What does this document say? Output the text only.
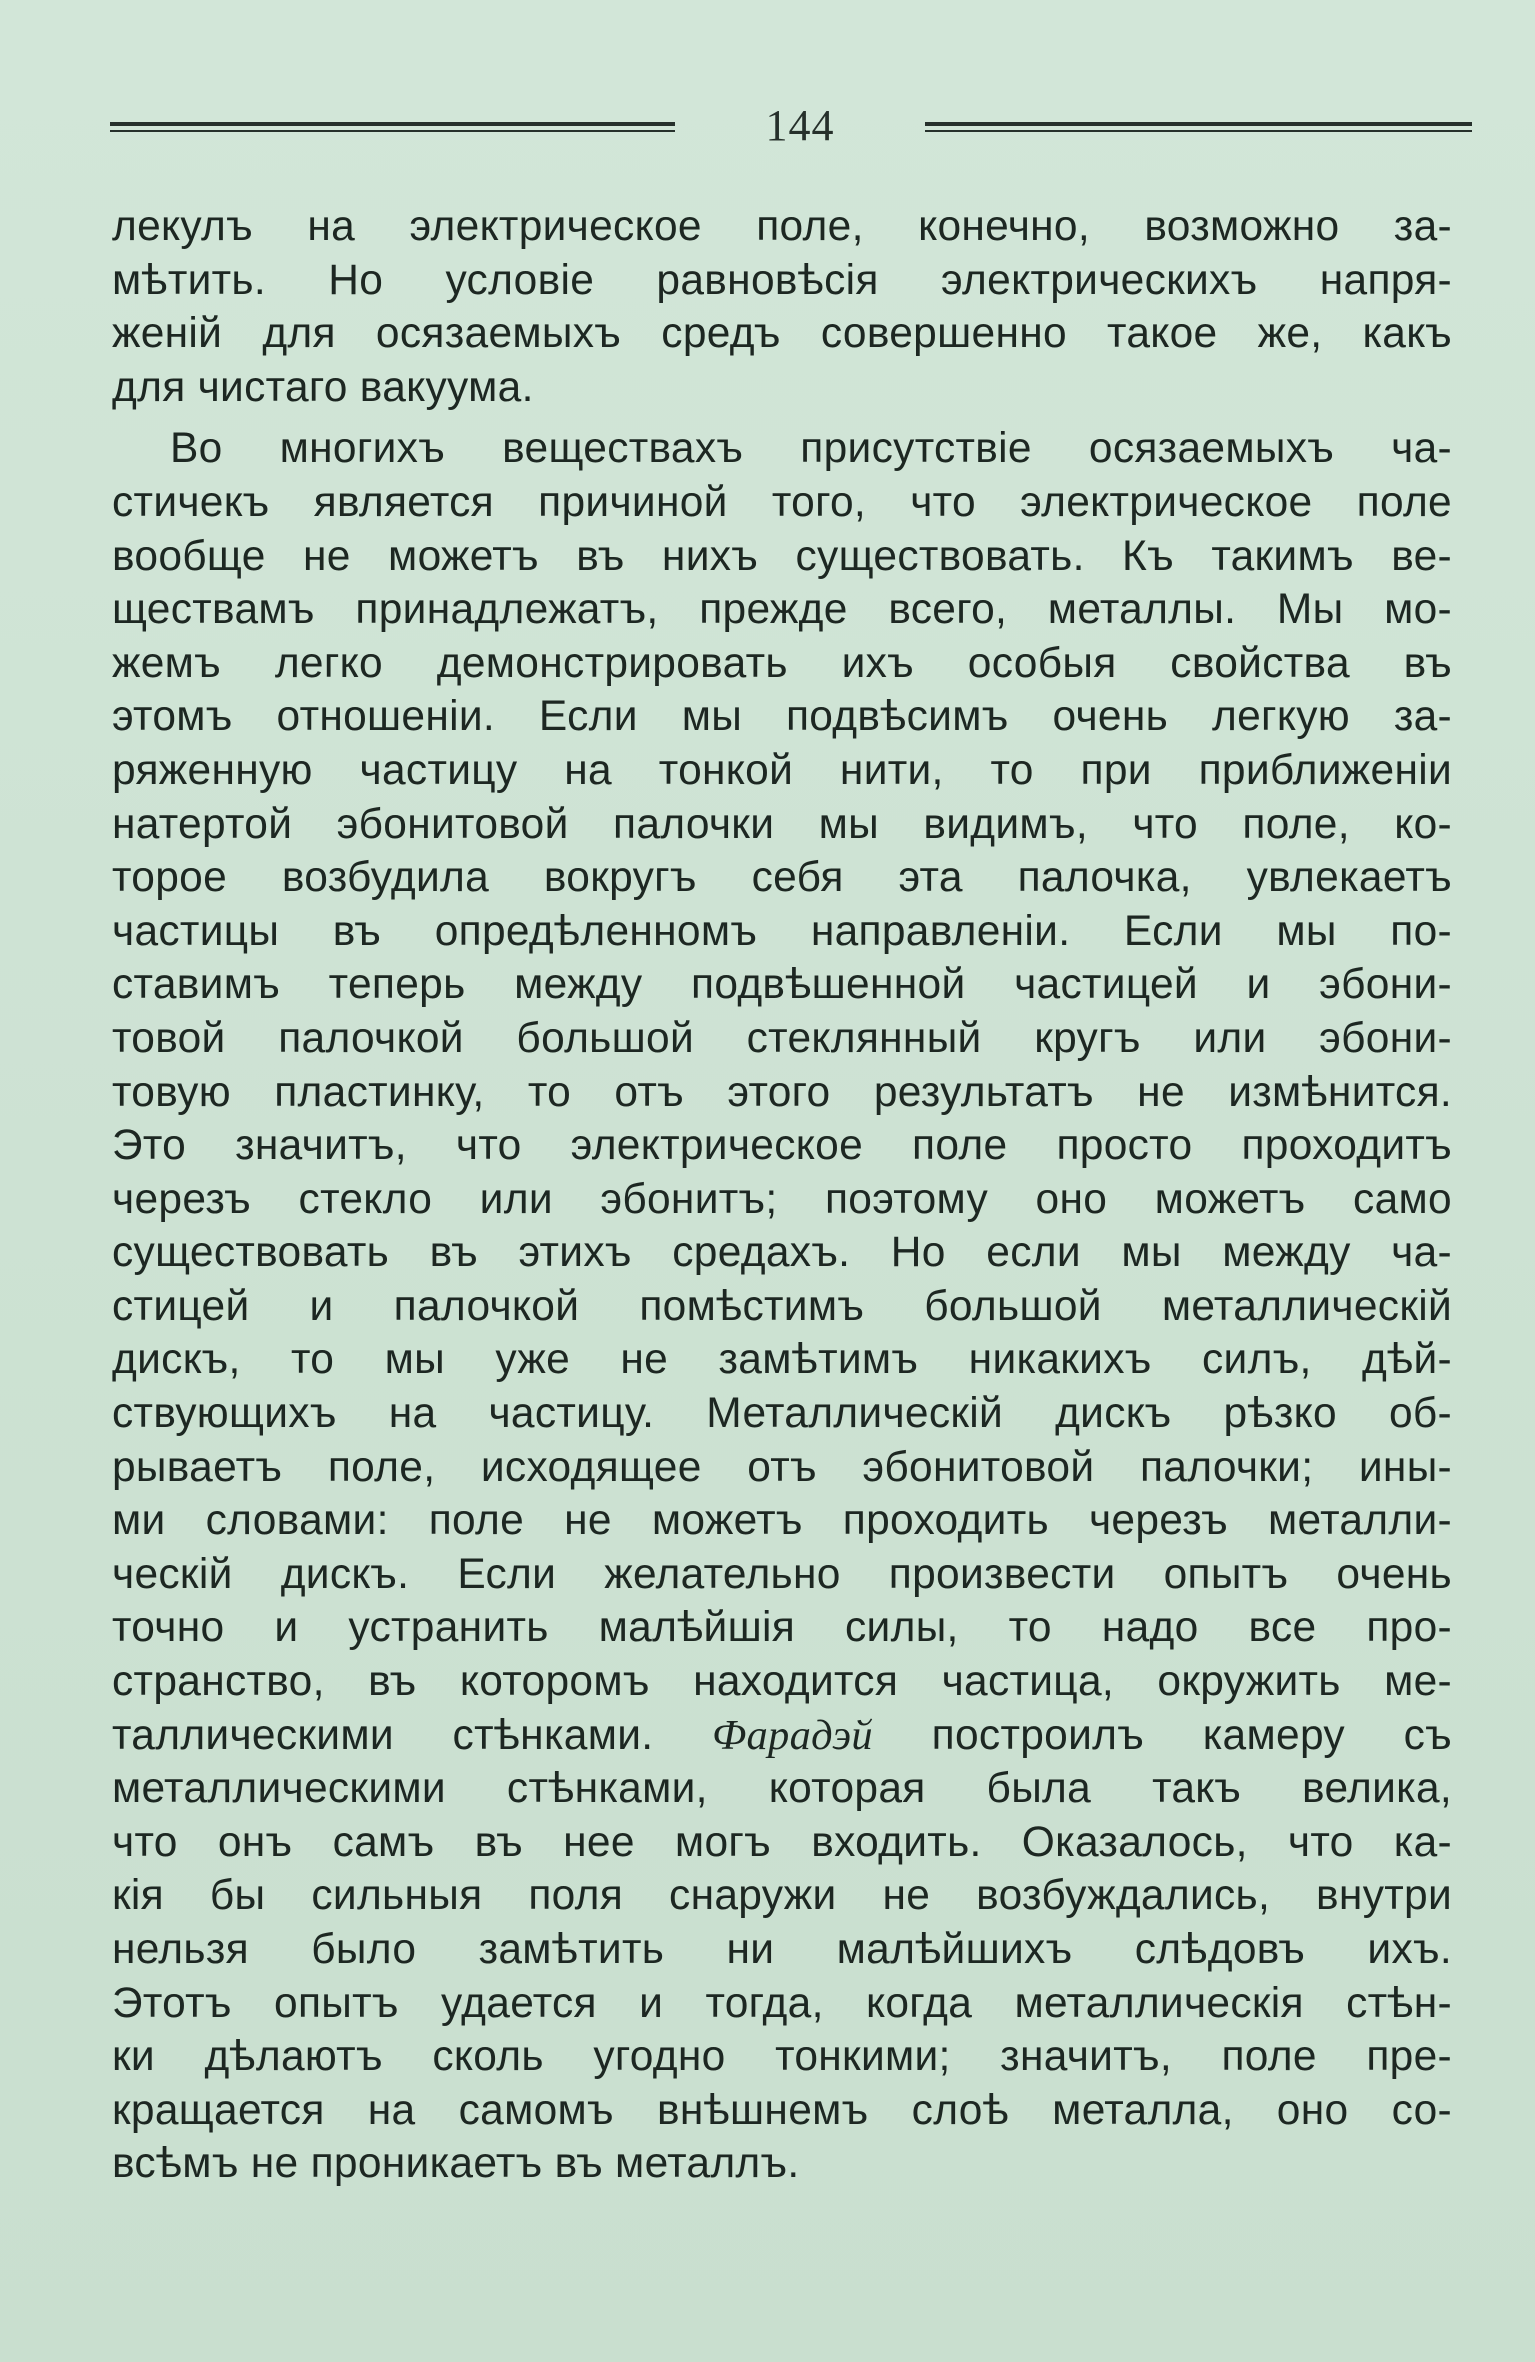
144
лекулъ на электрическое поле, конечно, возможно за-
мѣтить. Но условіе равновѣсія электрическихъ напря-
женій для осязаемыхъ средъ совершенно такое же, какъ
для чистаго вакуума.
Во многихъ веществахъ присутствіе осязаемыхъ ча-
стичекъ является причиной того, что электрическое поле
вообще не можетъ въ нихъ существовать. Къ такимъ ве-
ществамъ принадлежатъ, прежде всего, металлы. Мы мо-
жемъ легко демонстрировать ихъ особыя свойства въ
этомъ отношеніи. Если мы подвѣсимъ очень легкую за-
ряженную частицу на тонкой нити, то при приближеніи
натертой эбонитовой палочки мы видимъ, что поле, ко-
торое возбудила вокругъ себя эта палочка, увлекаетъ
частицы въ опредѣленномъ направленіи. Если мы по-
ставимъ теперь между подвѣшенной частицей и эбони-
товой палочкой большой стеклянный кругъ или эбони-
товую пластинку, то отъ этого результатъ не измѣнится.
Это значитъ, что электрическое поле просто проходитъ
черезъ стекло или эбонитъ; поэтому оно можетъ само
существовать въ этихъ средахъ. Но если мы между ча-
стицей и палочкой помѣстимъ большой металлическій
дискъ, то мы уже не замѣтимъ никакихъ силъ, дѣй-
ствующихъ на частицу. Металлическій дискъ рѣзко об-
рываетъ поле, исходящее отъ эбонитовой палочки; ины-
ми словами: поле не можетъ проходить черезъ металли-
ческій дискъ. Если желательно произвести опытъ очень
точно и устранить малѣйшія силы, то надо все про-
странство, въ которомъ находится частица, окружить ме-
таллическими стѣнками. Фарадэй построилъ камеру съ
металлическими стѣнками, которая была такъ велика,
что онъ самъ въ нее могъ входить. Оказалось, что ка-
кія бы сильныя поля снаружи не возбуждались, внутри
нельзя было замѣтить ни малѣйшихъ слѣдовъ ихъ.
Этотъ опытъ удается и тогда, когда металлическія стѣн-
ки дѣлаютъ сколь угодно тонкими; значитъ, поле пре-
кращается на самомъ внѣшнемъ слоѣ металла, оно со-
всѣмъ не проникаетъ въ металлъ.
